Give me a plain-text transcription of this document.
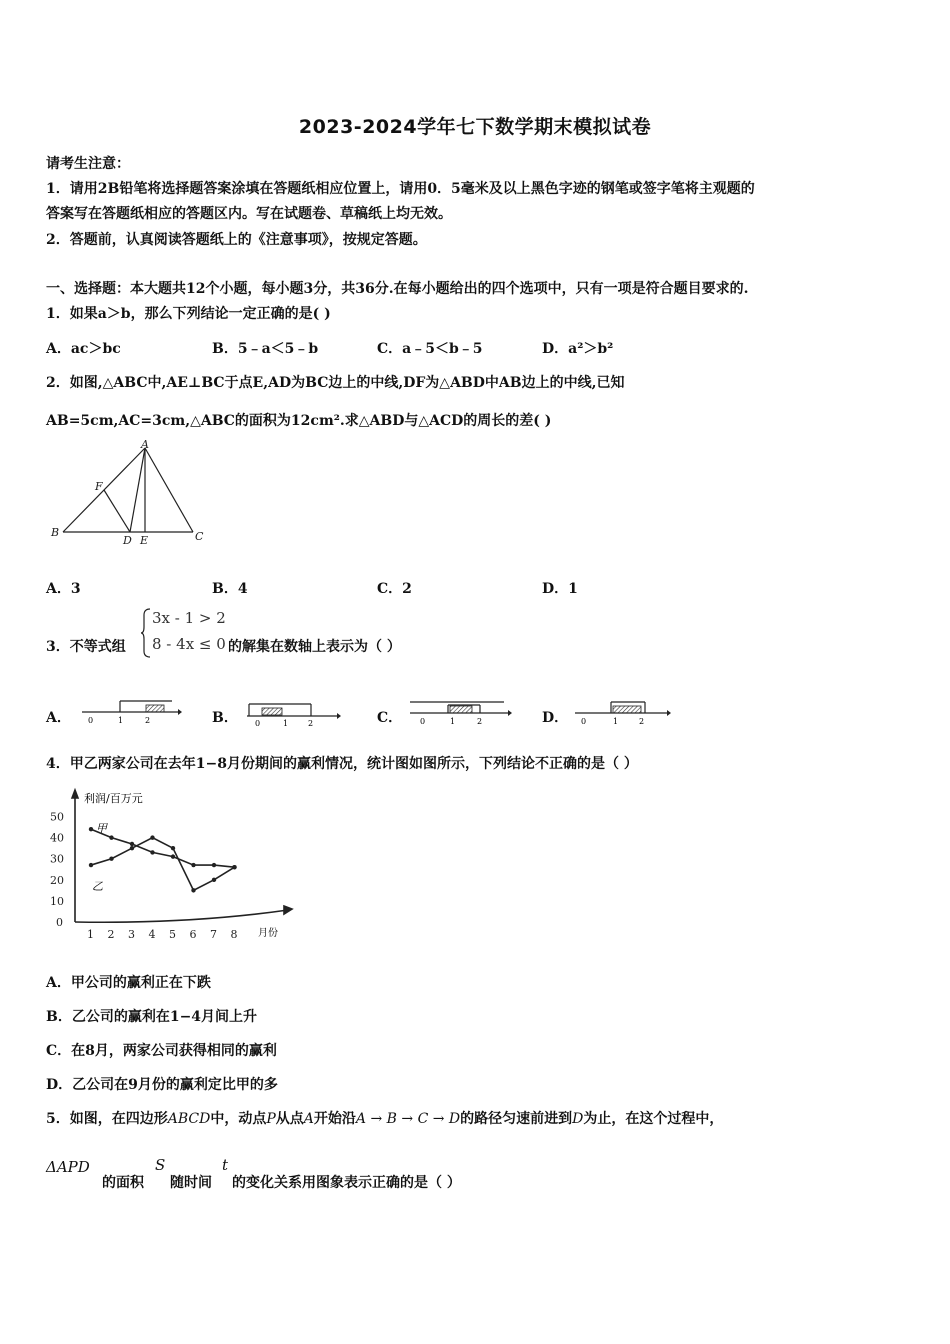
2023-2024学年七下数学期末模拟试卷
请考生注意：
1．请用2B铅笔将选择题答案涂填在答题纸相应位置上，请用0．5毫米及以上黑色字迹的钢笔或签字笔将主观题的
答案写在答题纸相应的答题区内。写在试题卷、草稿纸上均无效。
2．答题前，认真阅读答题纸上的《注意事项》，按规定答题。
一、选择题：本大题共12个小题，每小题3分，共36分.在每小题给出的四个选项中，只有一项是符合题目要求的.
1．如果a＞b，那么下列结论一定正确的是( )
A．ac＞bc	B．5﹣a＜5﹣b	C．a﹣5＜b﹣5	D．a²＞b²
2．如图,△ABC中,AE⊥BC于点E,AD为BC边上的中线,DF为△ABD中AB边上的中线,已知
AB=5cm,AC=3cm,△ABC的面积为12cm².求△ABD与△ACD的周长的差( )
A
B	C
D E
F
A．3	B．4	C．2	D．1
3．不等式组
3x - 1 > 2
8 - 4x ≤ 0 的解集在数轴上表示为（ ）
A． 0	1	2	B． 0	1 2	C． 0	1	2	D． 0	1	2
4．甲乙两家公司在去年1−8月份期间的赢利情况，统计图如图所示，下列结论不正确的是（ ）
利润/百万元
月份
0
10
20
30
40
50
1 2 3 4 5 6 7 8
甲
乙
A．甲公司的赢利正在下跌
B．乙公司的赢利在1−4月间上升
C．在8月，两家公司获得相同的赢利
D．乙公司在9月份的赢利定比甲的多
5．如图，在四边形ABCD中，动点P从点A开始沿A → B → C → D的路径匀速前进到D为止，在这个过程中，
ΔAPD
的面积
S
随时间
t
的变化关系用图象表示正确的是（ ）
